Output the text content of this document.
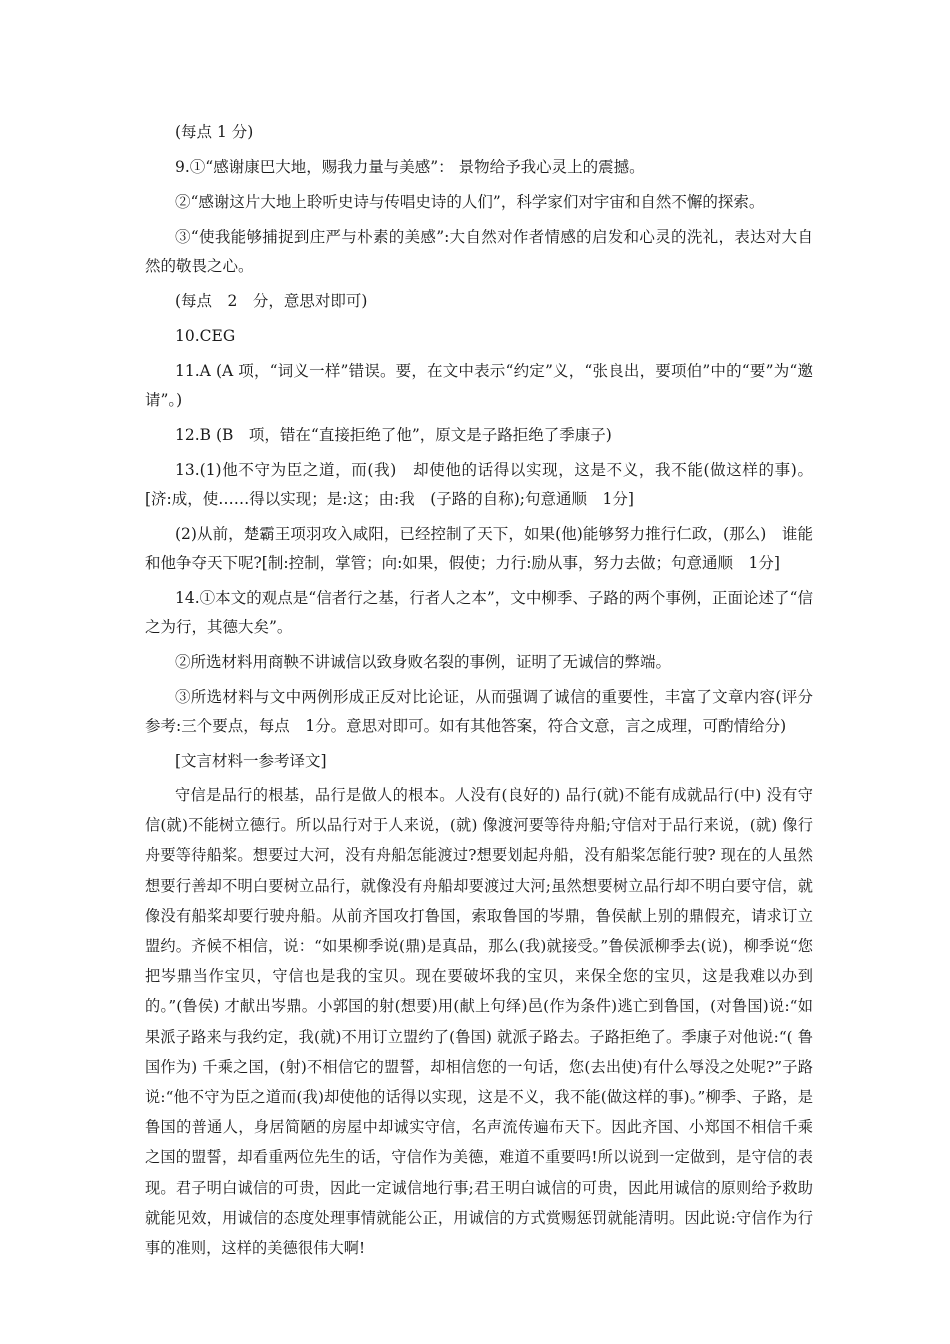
(每点 1 分)

9.①“感谢康巴大地，赐我力量与美感”： 景物给予我心灵上的震撼。

②“感谢这片大地上聆听史诗与传唱史诗的人们”，科学家们对宇宙和自然不懈的探索。

③“使我能够捕捉到庄严与朴素的美感”:大自然对作者情感的启发和心灵的洗礼，表达对大自然的敬畏之心。

(每点　2　分，意思对即可)

10.CEG

11.A (A 项，“词义一样”错误。要，在文中表示“约定”义，“张良出，要项伯”中的“要”为“邀请”。)

12.B (B　项，错在“直接拒绝了他”，原文是子路拒绝了季康子)

13.(1)他不守为臣之道，而(我)　却使他的话得以实现，这是不义，我不能(做这样的事)。[济:成，使……得以实现；是:这；由:我　(子路的自称);句意通顺　1分]

(2)从前，楚霸王项羽攻入咸阳，已经控制了天下，如果(他)能够努力推行仁政，(那么)　谁能和他争夺天下呢?[制:控制，掌管；向:如果，假使；力行:励从事，努力去做；句意通顺　1分]

14.①本文的观点是“信者行之基，行者人之本”，文中柳季、子路的两个事例，正面论述了“信之为行，其德大矣”。

②所选材料用商鞅不讲诚信以致身败名裂的事例，证明了无诚信的弊端。

③所选材料与文中两例形成正反对比论证，从而强调了诚信的重要性，丰富了文章内容(评分参考:三个要点，每点　1分。意思对即可。如有其他答案，符合文意，言之成理，可酌情给分)

[文言材料一参考译文]

守信是品行的根基，品行是做人的根本。人没有(良好的) 品行(就)不能有成就品行(中) 没有守信(就)不能树立德行。所以品行对于人来说，(就) 像渡河要等待舟船;守信对于品行来说，(就) 像行舟要等待船桨。想要过大河，没有舟船怎能渡过?想要划起舟船，没有船桨怎能行驶? 现在的人虽然想要行善却不明白要树立品行，就像没有舟船却要渡过大河;虽然想要树立品行却不明白要守信，就像没有船桨却要行驶舟船。从前齐国攻打鲁国，索取鲁国的岑鼎，鲁侯献上别的鼎假充，请求订立盟约。齐候不相信，说：“如果柳季说(鼎)是真品，那么(我)就接受。”鲁侯派柳季去(说)，柳季说“您把岑鼎当作宝贝，守信也是我的宝贝。现在要破坏我的宝贝，来保全您的宝贝，这是我难以办到的。”(鲁侯) 才献出岑鼎。小郭国的射(想要)用(献上句绎)邑(作为条件)逃亡到鲁国，(对鲁国)说:“如果派子路来与我约定，我(就)不用订立盟约了(鲁国) 就派子路去。子路拒绝了。季康子对他说:“( 鲁国作为) 千乘之国，(射)不相信它的盟誓，却相信您的一句话，您(去出使)有什么辱没之处呢?”子路说:“他不守为臣之道而(我)却使他的话得以实现，这是不义，我不能(做这样的事)。”柳季、子路，是鲁国的普通人，身居简陋的房屋中却诚实守信，名声流传遍布天下。因此齐国、小郑国不相信千乘之国的盟誓，却看重两位先生的话，守信作为美德，难道不重要吗!所以说到一定做到，是守信的表现。君子明白诚信的可贵，因此一定诚信地行事;君王明白诚信的可贵，因此用诚信的原则给予救助就能见效，用诚信的态度处理事情就能公正，用诚信的方式赏赐惩罚就能清明。因此说:守信作为行事的准则，这样的美德很伟大啊!
